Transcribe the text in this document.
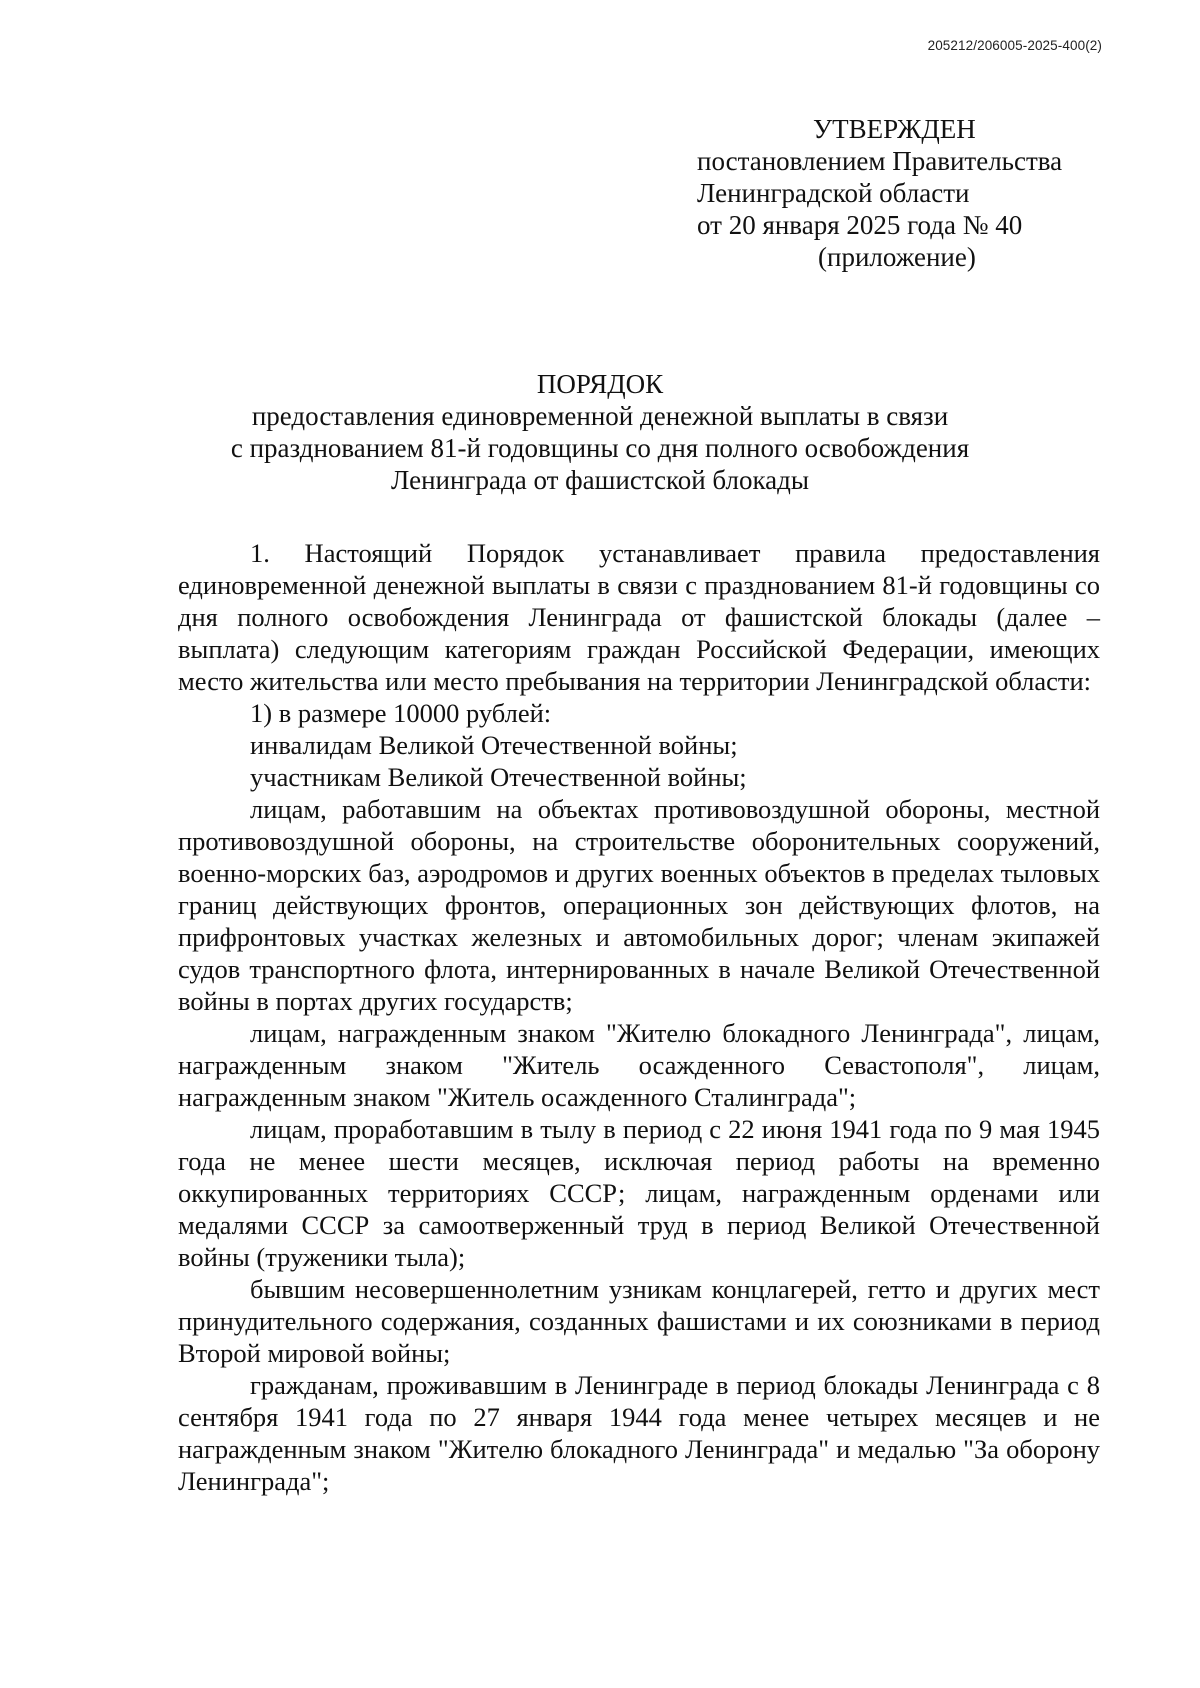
205212/206005-2025-400(2)
УТВЕРЖДЕН
постановлением Правительства
Ленинградской области
от 20 января 2025 года № 40
(приложение)
ПОРЯДОК
предоставления единовременной денежной выплаты в связи
с празднованием 81-й годовщины со дня полного освобождения
Ленинграда от фашистской блокады

1. Настоящий Порядок устанавливает правила предоставления единовременной денежной выплаты в связи с празднованием 81-й годовщины со дня полного освобождения Ленинграда от фашистской блокады (далее – выплата) следующим категориям граждан Российской Федерации, имеющих место жительства или место пребывания на территории Ленинградской области:

1) в размере 10000 рублей:

инвалидам Великой Отечественной войны;

участникам Великой Отечественной войны;

лицам, работавшим на объектах противовоздушной обороны, местной противовоздушной обороны, на строительстве оборонительных сооружений, военно-морских баз, аэродромов и других военных объектов в пределах тыловых границ действующих фронтов, операционных зон действующих флотов, на прифронтовых участках железных и автомобильных дорог; членам экипажей судов транспортного флота, интернированных в начале Великой Отечественной войны в портах других государств;

лицам, награжденным знаком "Жителю блокадного Ленинграда", лицам, награжденным знаком "Житель осажденного Севастополя", лицам, награжденным знаком "Житель осажденного Сталинграда";

лицам, проработавшим в тылу в период с 22 июня 1941 года по 9 мая 1945 года не менее шести месяцев, исключая период работы на временно оккупированных территориях СССР; лицам, награжденным орденами или медалями СССР за самоотверженный труд в период Великой Отечественной войны (труженики тыла);

бывшим несовершеннолетним узникам концлагерей, гетто и других мест принудительного содержания, созданных фашистами и их союзниками в период Второй мировой войны;

гражданам, проживавшим в Ленинграде в период блокады Ленинграда с 8 сентября 1941 года по 27 января 1944 года менее четырех месяцев и не награжденным знаком "Жителю блокадного Ленинграда" и медалью "За оборону Ленинграда";
